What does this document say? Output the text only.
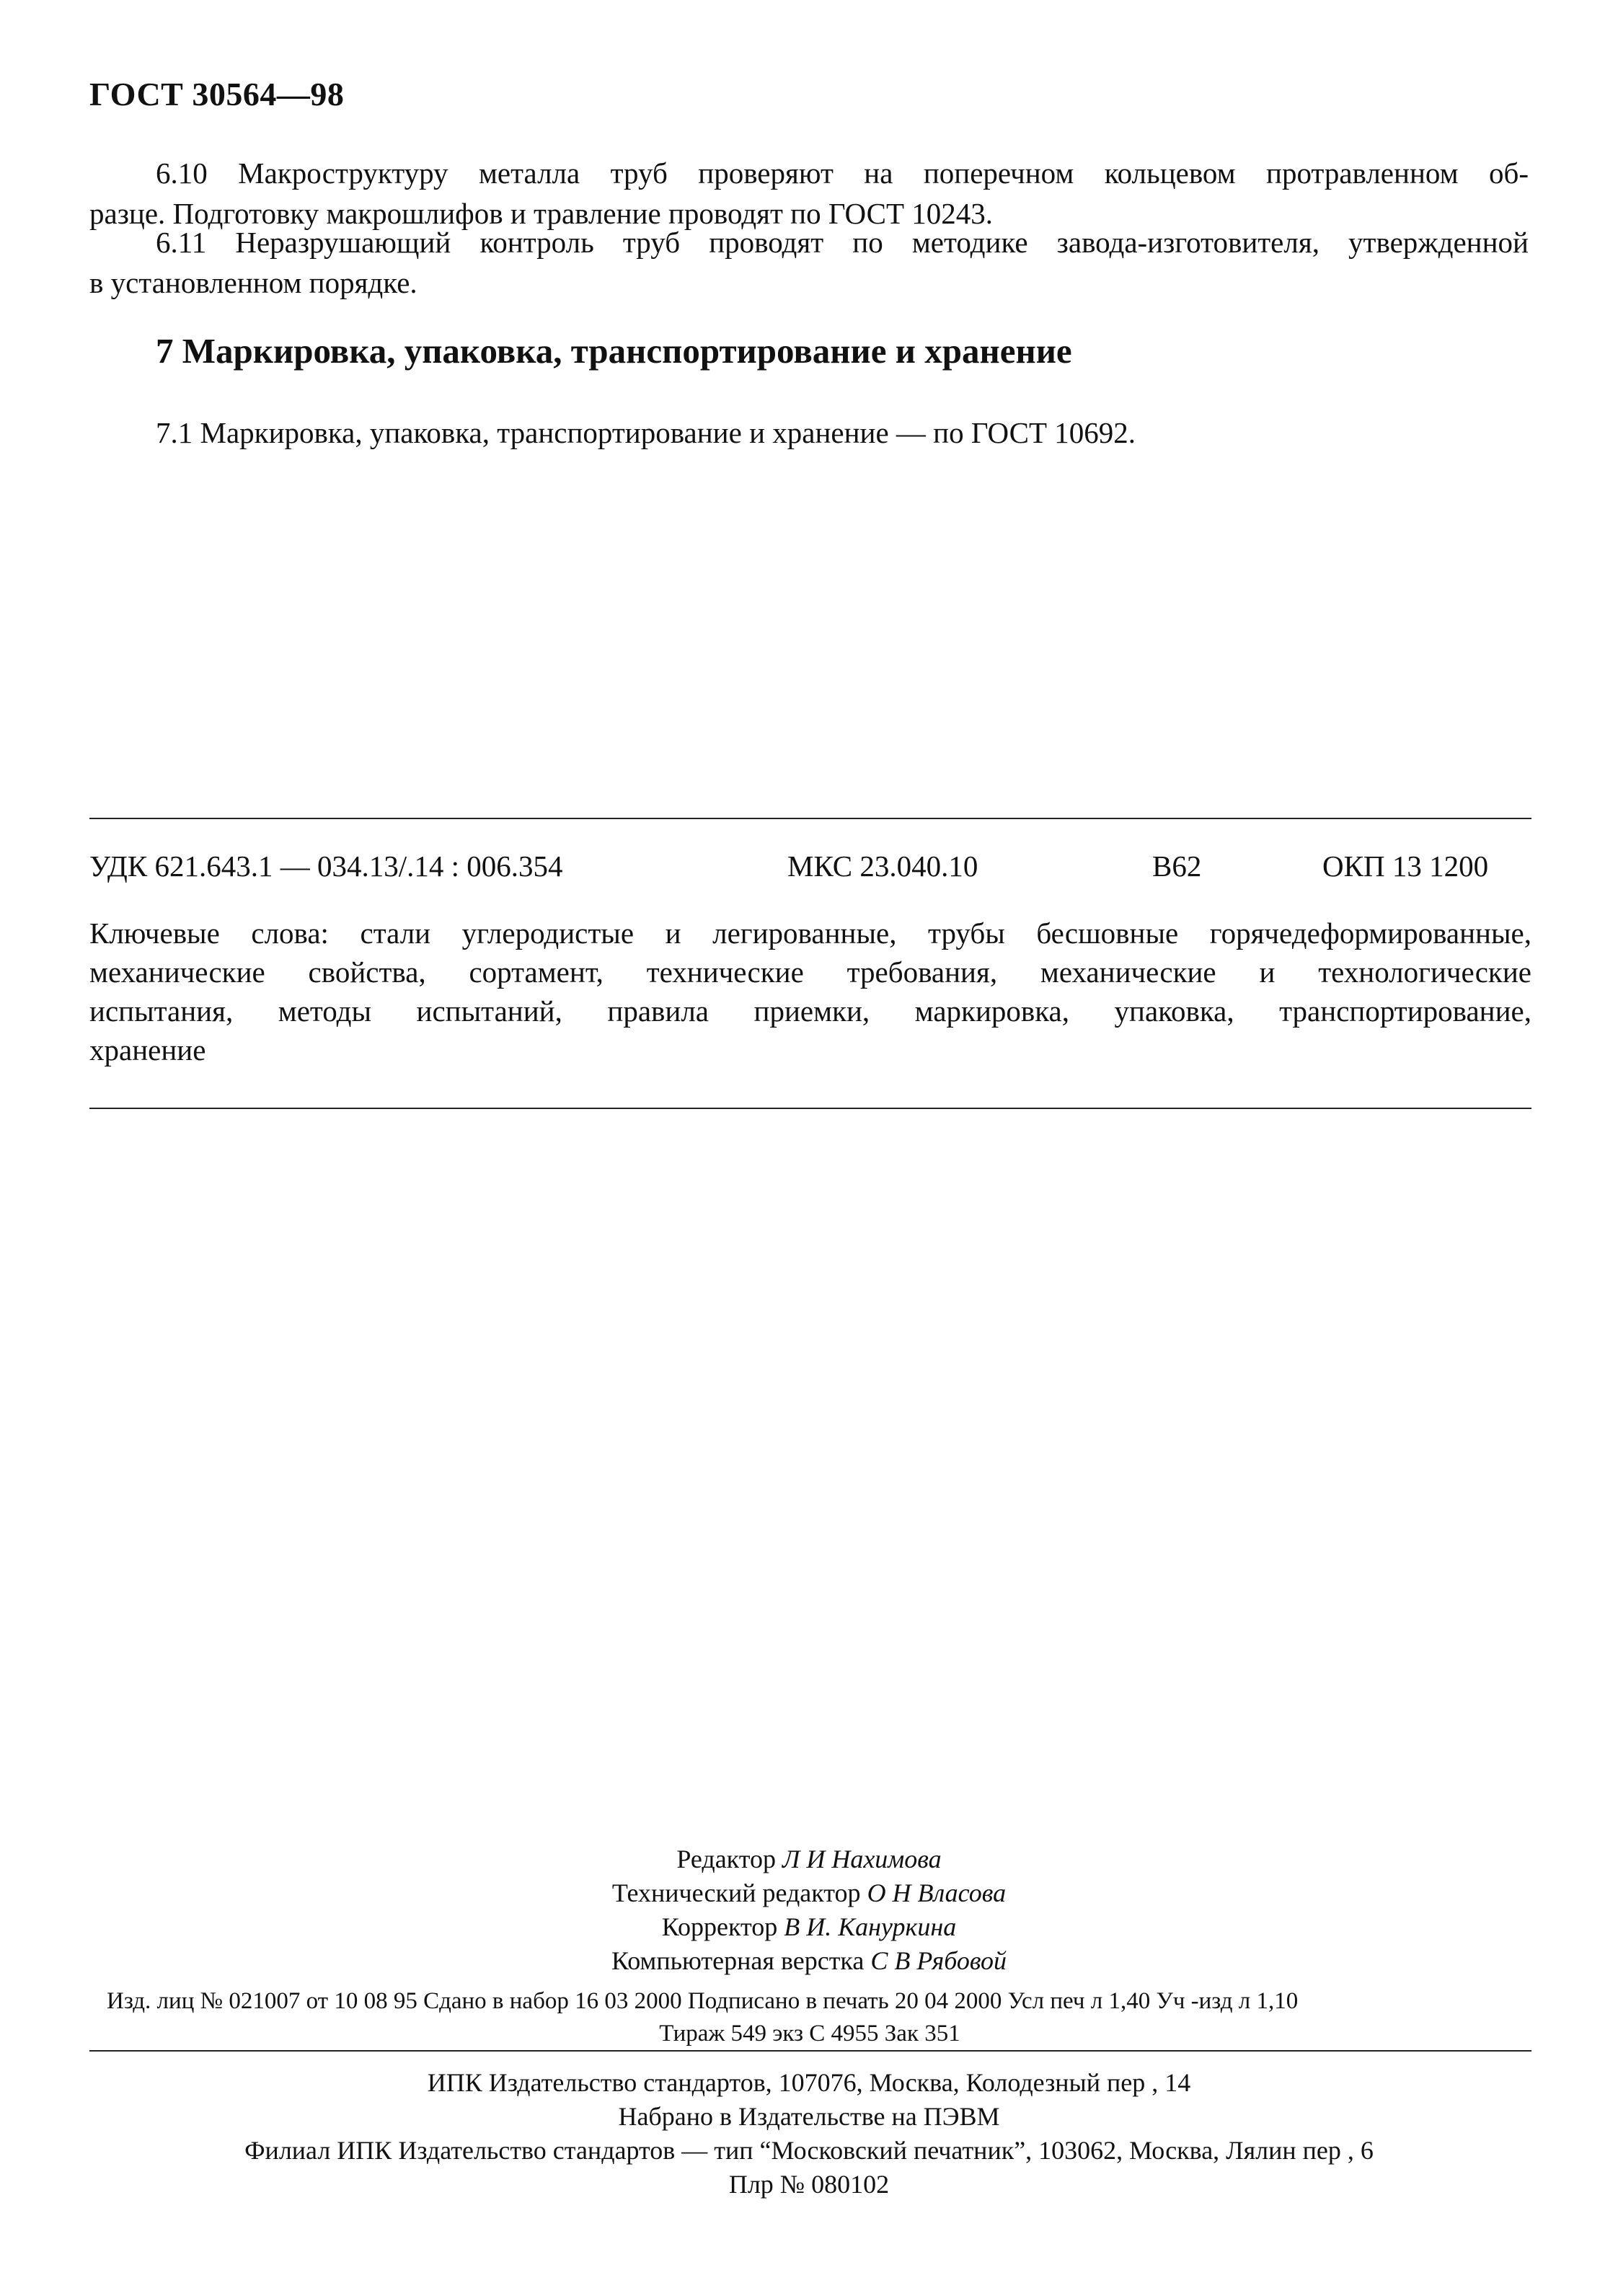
ГОСТ 30564—98
6.10 Макроструктуру металла труб проверяют на поперечном кольцевом протравленном об-
разце. Подготовку макрошлифов и травление проводят по ГОСТ 10243.
6.11 Неразрушающий контроль труб проводят по методике завода-изготовителя, утвержденной
в установленном порядке.
7 Маркировка, упаковка, транспортирование и хранение
7.1 Маркировка, упаковка, транспортирование и хранение — по ГОСТ 10692.
УДК 621.643.1 — 034.13/.14 : 006.354	МКС 23.040.10	В62	ОКП 13 1200
Ключевые слова: стали углеродистые и легированные, трубы бесшовные горячедеформированные,
механические свойства, сортамент, технические требования, механические и технологические
испытания, методы испытаний, правила приемки, маркировка, упаковка, транспортирование,
хранение
Редактор Л И Нахимова
Технический редактор О Н Власова
Корректор В И. Кануркина
Компьютерная верстка С В Рябовой
Изд. лиц № 021007 от 10 08 95 Сдано в набор 16 03 2000 Подписано в печать 20 04 2000 Усл печ л 1,40 Уч -изд л 1,10
Тираж 549 экз С 4955 Зак 351
ИПК Издательство стандартов, 107076, Москва, Колодезный пер , 14
Набрано в Издательстве на ПЭВМ
Филиал ИПК Издательство стандартов — тип “Московский печатник”, 103062, Москва, Лялин пер , 6
Плр № 080102
